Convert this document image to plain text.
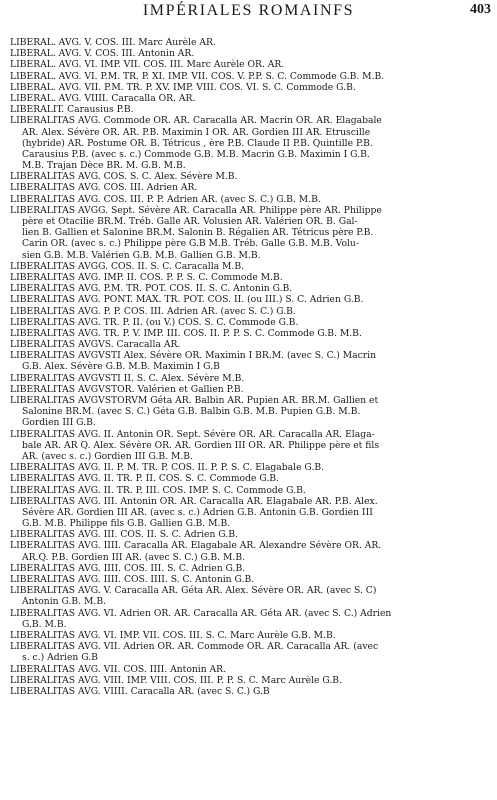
IMPÉRIALES ROMAINFS	403
LIBERAL. AVG. V. COS. III. Marc Aurèle AR.
LIBERAL. AVG. V. COS. III. Antonin AR.
LIBERAL. AVG. VI. IMP. VII. COS. III. Marc Aurèle OR. AR.
LIBERAL. AVG. VI. P.M. TR. P. XI. IMP. VII. COS. V. P.P. S. C. Commode G.B. M.B.
LIBERAL. AVG. VII. P.M. TR. P. XV. IMP. VIII. COS. VI. S. C. Commode G.B.
LIBERAL. AVG. VIIII. Caracalla OR. AR.
LIBERALIT. Carausius P.B.
LIBERALITAS AVG. Commode OR. AR. Caracalla AR. Macrin OR. AR. Elagabale
AR. Alex. Sévère OR. AR. P.B. Maximin I OR. AR. Gordien III AR. Etruscille
(hybride) AR. Postume OR. B. Tétricus , ère P.B. Claude II P.B. Quintille P.B.
Carausius P.B. (avec s. c.) Commode G.B. M.B. Macrin G.B. Maximin I G.B.
M.B. Trajan Dèce BR. M. G.B. M.B.
LIBERALITAS AVG. COS. S. C. Alex. Sévère M.B.
LIBERALITAS AVG. COS. III. Adrien AR.
LIBERALITAS AVG. COS. III. P. P. Adrien AR. (avec S. C.) G.B. M.B.
LIBERALITAS AVGG. Sept. Sévère AR. Caracalla AR. Philippe père AR. Philippe
père et Otacilie BR.M. Tréb. Galle AR. Volusien AR. Valérien OR. B. Gal-
lien B. Gallien et Salonine BR.M. Salonin B. Régalien AR. Tétricus père P.B.
Carin OR. (avec s. c.) Philippe père G.B M.B. Tréb. Galle G.B. M.B. Volu-
sien G.B. M.B. Valérien G.B. M.B. Gallien G.B. M.B.
LIBERALITAS AVGG. COS. II. S. C. Caracalla M.B.
LIBERALITAS AVG. IMP. II. COS. P. P. S. C. Commode M.B.
LIBERALITAS AVG. P.M. TR. POT. COS. II. S. C. Antonin G.B.
LIBERALITAS AVG. PONT. MAX. TR. POT. COS. II. (ou III.) S. C. Adrien G.B.
LIBERALITAS AVG. P. P. COS. III. Adrien AR. (avec S. C.) G.B.
LIBERALITAS AVG. TR. P. II. (ou V.) COS. S. C. Commode G.B.
LIBERALITAS AVG. TR. P. V. IMP. III. COS. II. P. P. S. C. Commode G.B. M.B.
LIBERALITAS AVGVS. Caracalla AR.
LIBERALITAS AVGVSTI Alex. Sévère OR. Maximin I BR.M. (avec S. C.) Macrin
G.B. Alex. Sévère G.B. M.B. Maximin I G.B
LIBERALITAS AVGVSTI II. S. C. Alex. Sévère M.B.
LIBERALITAS AVGVSTOR. Valérien et Gallien P.B.
LIBERALITAS AVGVSTORVM Géta AR. Balbin AR. Pupien AR. BR.M. Gallien et
Salonine BR.M. (avec S. C.) Géta G.B. Balbin G.B. M.B. Pupien G.B. M.B.
Gordien III G.B.
LIBERALITAS AVG. II. Antonin OR. Sept. Sévère OR. AR. Caracalla AR. Elaga-
bale AR. AR Q. Alex. Sévère OR. AR. Gordien III OR. AR. Philippe père et fils
AR. (avec s. c.) Gordien III G.B. M.B.
LIBERALITAS AVG. II. P. M. TR. P. COS. II. P. P. S. C. Elagabale G.B.
LIBERALITAS AVG. II. TR. P. II. COS. S. C. Commode G.B.
LIBERALITAS AVG. II. TR. P. III. COS. IMP. S. C. Commode G.B.
LIBERALITAS AVG. III. Antonin OR. AR. Caracalla AR. Elagabale AR. P.B. Alex.
Sévère AR. Gordien III AR. (avec s. c.) Adrien G.B. Antonin G.B. Gordien III
G.B. M.B. Philippe fils G.B. Gallien G.B. M.B.
LIBERALITAS AVG. III. COS. II. S. C. Adrien G.B.
LIBERALITAS AVG. IIII. Caracalla AR. Elagabale AR. Alexandre Sévère OR. AR.
AR.Q. P.B. Gordien III AR. (avec S. C.) G.B. M.B.
LIBERALITAS AVG. IIII. COS. III. S. C. Adrien G.B.
LIBERALITAS AVG. IIII. COS. IIII. S. C. Antonin G.B.
LIBERALITAS AVG. V. Caracalla AR. Géta AR. Alex. Sévère OR. AR. (avec S. C)
Antonin G.B. M.B.
LIBERALITAS AVG. VI. Adrien OR. AR. Caracalla AR. Géta AR. (avec S. C.) Adrien
G.B. M.B.
LIBERALITAS AVG. VI. IMP. VII. COS. III. S. C. Marc Aurèle G.B. M.B.
LIBERALITAS AVG. VII. Adrien OR. AR. Commode OR. AR. Caracalla AR. (avec
s. c.) Adrien G.B
LIBERALITAS AVG. VII. COS. IIII. Antonin AR.
LIBERALITAS AVG. VIII. IMP. VIII. COS. III. P. P. S. C. Marc Aurèle G.B.
LIBERALITAS AVG. VIIII. Caracalla AR. (avec S. C.) G.B
